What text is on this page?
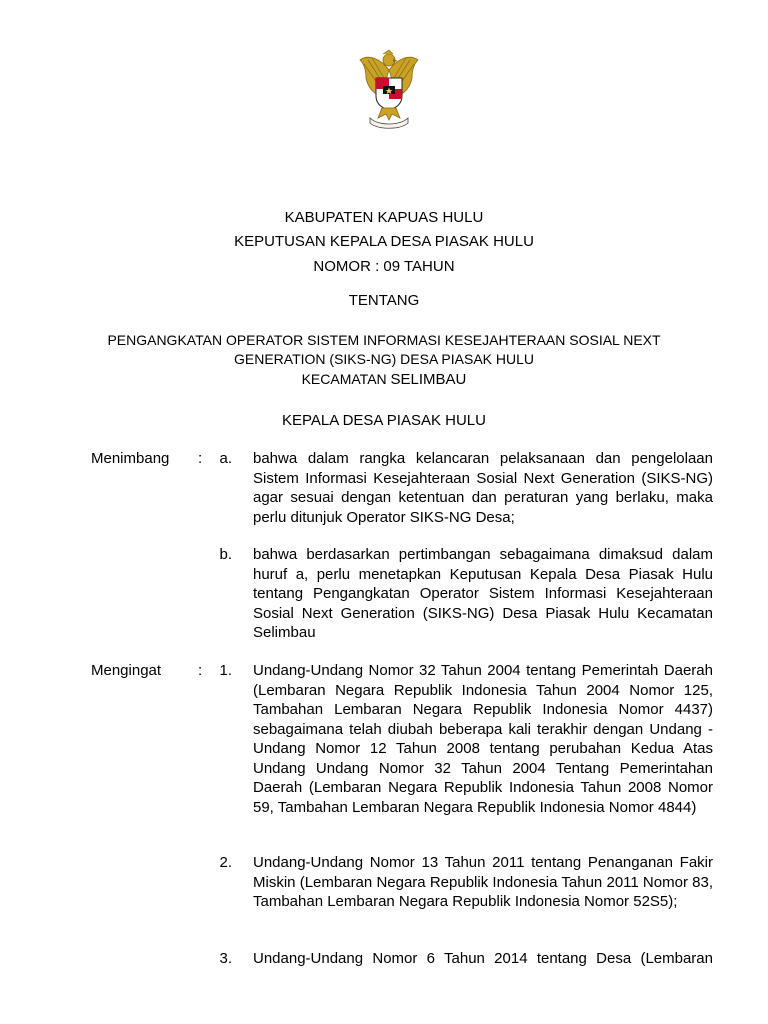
KABUPATEN KAPUAS HULU
KEPUTUSAN KEPALA DESA PIASAK HULU
NOMOR : 09 TAHUN
TENTANG
PENGANGKATAN OPERATOR SISTEM INFORMASI KESEJAHTERAAN SOSIAL NEXT
GENERATION (SIKS-NG) DESA PIASAK HULU
KECAMATAN SELIMBAU
KEPALA DESA PIASAK HULU
Menimbang :	a. bahwa dalam rangka kelancaran pelaksanaan dan pengelolaan Sistem Informasi Kesejahteraan Sosial Next Generation (SIKS-NG) agar sesuai dengan ketentuan dan peraturan yang berlaku, maka perlu ditunjuk Operator SIKS-NG Desa;
b. bahwa berdasarkan pertimbangan sebagaimana dimaksud dalam huruf a, perlu menetapkan Keputusan Kepala Desa Piasak Hulu tentang Pengangkatan Operator Sistem Informasi Kesejahteraan Sosial Next Generation (SIKS-NG) Desa Piasak Hulu Kecamatan Selimbau
Mengingat :	1. Undang-Undang Nomor 32 Tahun 2004 tentang Pemerintah Daerah (Lembaran Negara Republik Indonesia Tahun 2004 Nomor 125, Tambahan Lembaran Negara Republik Indonesia Nomor 4437) sebagaimana telah diubah beberapa kali terakhir dengan Undang -Undang Nomor 12 Tahun 2008 tentang perubahan Kedua Atas Undang Undang Nomor 32 Tahun 2004 Tentang Pemerintahan Daerah (Lembaran Negara Republik Indonesia Tahun 2008 Nomor 59, Tambahan Lembaran Negara Republik Indonesia Nomor 4844)
2. Undang-Undang Nomor 13 Tahun 2011 tentang Penanganan Fakir Miskin (Lembaran Negara Republik Indonesia Tahun 2011 Nomor 83, Tambahan Lembaran Negara Republik Indonesia Nomor 52S5);
3. Undang-Undang Nomor 6 Tahun 2014 tentang Desa (Lembaran
